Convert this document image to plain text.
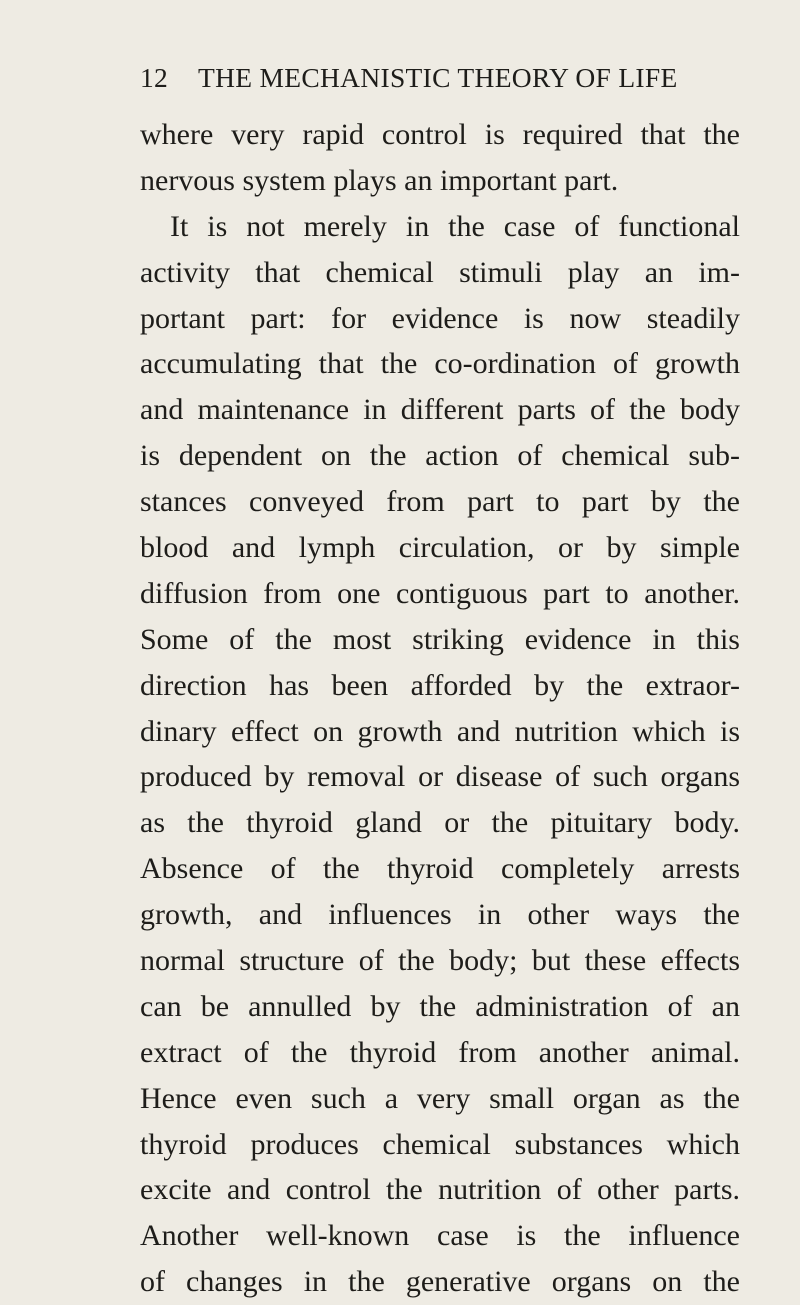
12 THE MECHANISTIC THEORY OF LIFE
where very rapid control is required that the
nervous system plays an important part.
It is not merely in the case of functional
activity that chemical stimuli play an im-
portant part: for evidence is now steadily
accumulating that the co-ordination of growth
and maintenance in different parts of the body
is dependent on the action of chemical sub-
stances conveyed from part to part by the
blood and lymph circulation, or by simple
diffusion from one contiguous part to another.
Some of the most striking evidence in this
direction has been afforded by the extraor-
dinary effect on growth and nutrition which is
produced by removal or disease of such organs
as the thyroid gland or the pituitary body.
Absence of the thyroid completely arrests
growth, and influences in other ways the
normal structure of the body; but these effects
can be annulled by the administration of an
extract of the thyroid from another animal.
Hence even such a very small organ as the
thyroid produces chemical substances which
excite and control the nutrition of other parts.
Another well-known case is the influence
of changes in the generative organs on the
